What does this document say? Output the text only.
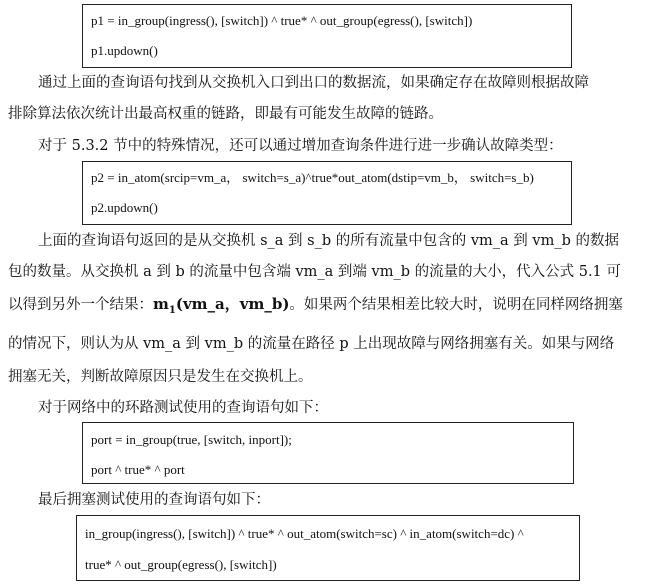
p1 = in_group(ingress(), [switch]) ^ true* ^ out_group(egress(), [switch])
p1.updown()
通过上面的查询语句找到从交换机入口到出口的数据流，如果确定存在故障则根据故障
排除算法依次统计出最高权重的链路，即最有可能发生故障的链路。
对于 5.3.2 节中的特殊情况，还可以通过增加查询条件进行进一步确认故障类型：
p2 = in_atom(srcip=vm_a， switch=s_a)^true*out_atom(dstip=vm_b， switch=s_b)
p2.updown()
上面的查询语句返回的是从交换机 s_a 到 s_b 的所有流量中包含的 vm_a 到 vm_b 的数据
包的数量。从交换机 a 到 b 的流量中包含端 vm_a 到端 vm_b 的流量的大小，代入公式 5.1 可
以得到另外一个结果：$m_1(vm\_a$，vm_b)。如果两个结果相差比较大时，说明在同样网络拥塞
的情况下，则认为从 vm_a 到 vm_b 的流量在路径 p 上出现故障与网络拥塞有关。如果与网络
拥塞无关，判断故障原因只是发生在交换机上。
对于网络中的环路测试使用的查询语句如下：
port = in_group(true, [switch, inport]);
port ^ true* ^ port
最后拥塞测试使用的查询语句如下：
in_group(ingress(), [switch]) ^ true* ^ out_atom(switch=sc) ^ in_atom(switch=dc) ^
true* ^ out_group(egress(), [switch])
